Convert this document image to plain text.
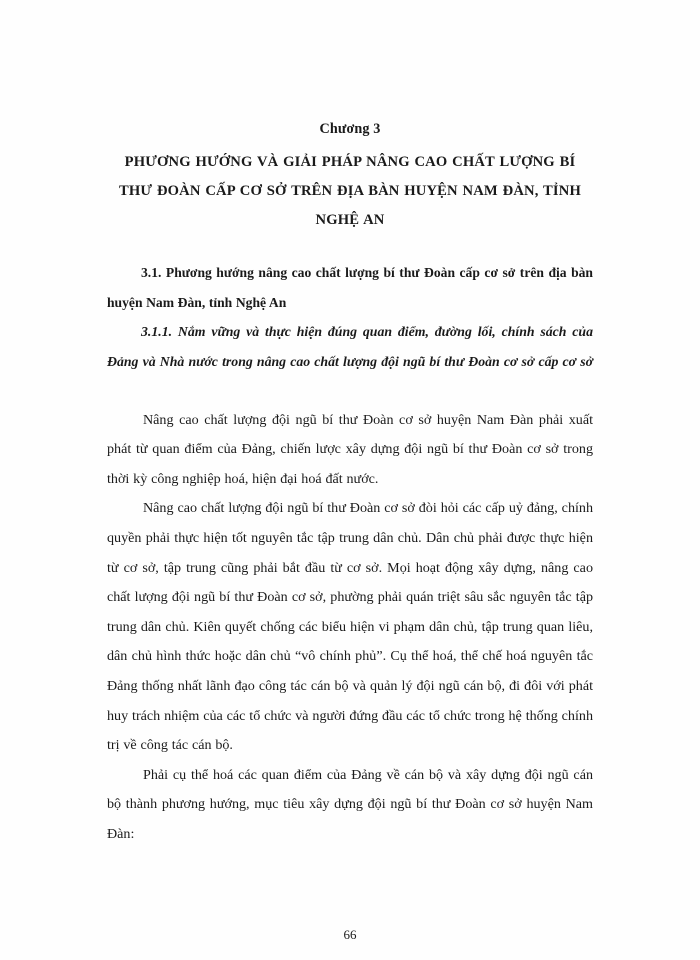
Chương 3
PHƯƠNG HƯỚNG VÀ GIẢI PHÁP NÂNG CAO CHẤT LƯỢNG BÍ
THƯ ĐOÀN CẤP CƠ SỞ TRÊN ĐỊA BÀN HUYỆN NAM ĐÀN, TỈNH
NGHỆ AN
3.1. Phương hướng nâng cao chất lượng bí thư Đoàn cấp cơ sở trên địa bàn huyện Nam Đàn, tỉnh Nghệ An
3.1.1. Nắm vững và thực hiện đúng quan điểm, đường lối, chính sách của Đảng và Nhà nước trong nâng cao chất lượng đội ngũ bí thư Đoàn cơ sở cấp cơ sở

Nâng cao chất lượng đội ngũ bí thư Đoàn cơ sở huyện Nam Đàn phải xuất phát từ quan điểm của Đảng, chiến lược xây dựng đội ngũ bí thư Đoàn cơ sở trong thời kỳ công nghiệp hoá, hiện đại hoá đất nước.

Nâng cao chất lượng đội ngũ bí thư Đoàn cơ sở đòi hỏi các cấp uỷ đảng, chính quyền phải thực hiện tốt nguyên tắc tập trung dân chủ. Dân chủ phải được thực hiện từ cơ sở, tập trung cũng phải bắt đầu từ cơ sở. Mọi hoạt động xây dựng, nâng cao chất lượng đội ngũ bí thư Đoàn cơ sở, phường phải quán triệt sâu sắc nguyên tắc tập trung dân chủ. Kiên quyết chống các biểu hiện vi phạm dân chủ, tập trung quan liêu, dân chủ hình thức hoặc dân chủ “vô chính phủ”. Cụ thể hoá, thể chế hoá nguyên tắc Đảng thống nhất lãnh đạo công tác cán bộ và quản lý đội ngũ cán bộ, đi đôi với phát huy trách nhiệm của các tổ chức và người đứng đầu các tổ chức trong hệ thống chính trị về công tác cán bộ.

Phải cụ thể hoá các quan điểm của Đảng về cán bộ và xây dựng đội ngũ cán bộ thành phương hướng, mục tiêu xây dựng đội ngũ bí thư Đoàn cơ sở huyện Nam Đàn:

66
